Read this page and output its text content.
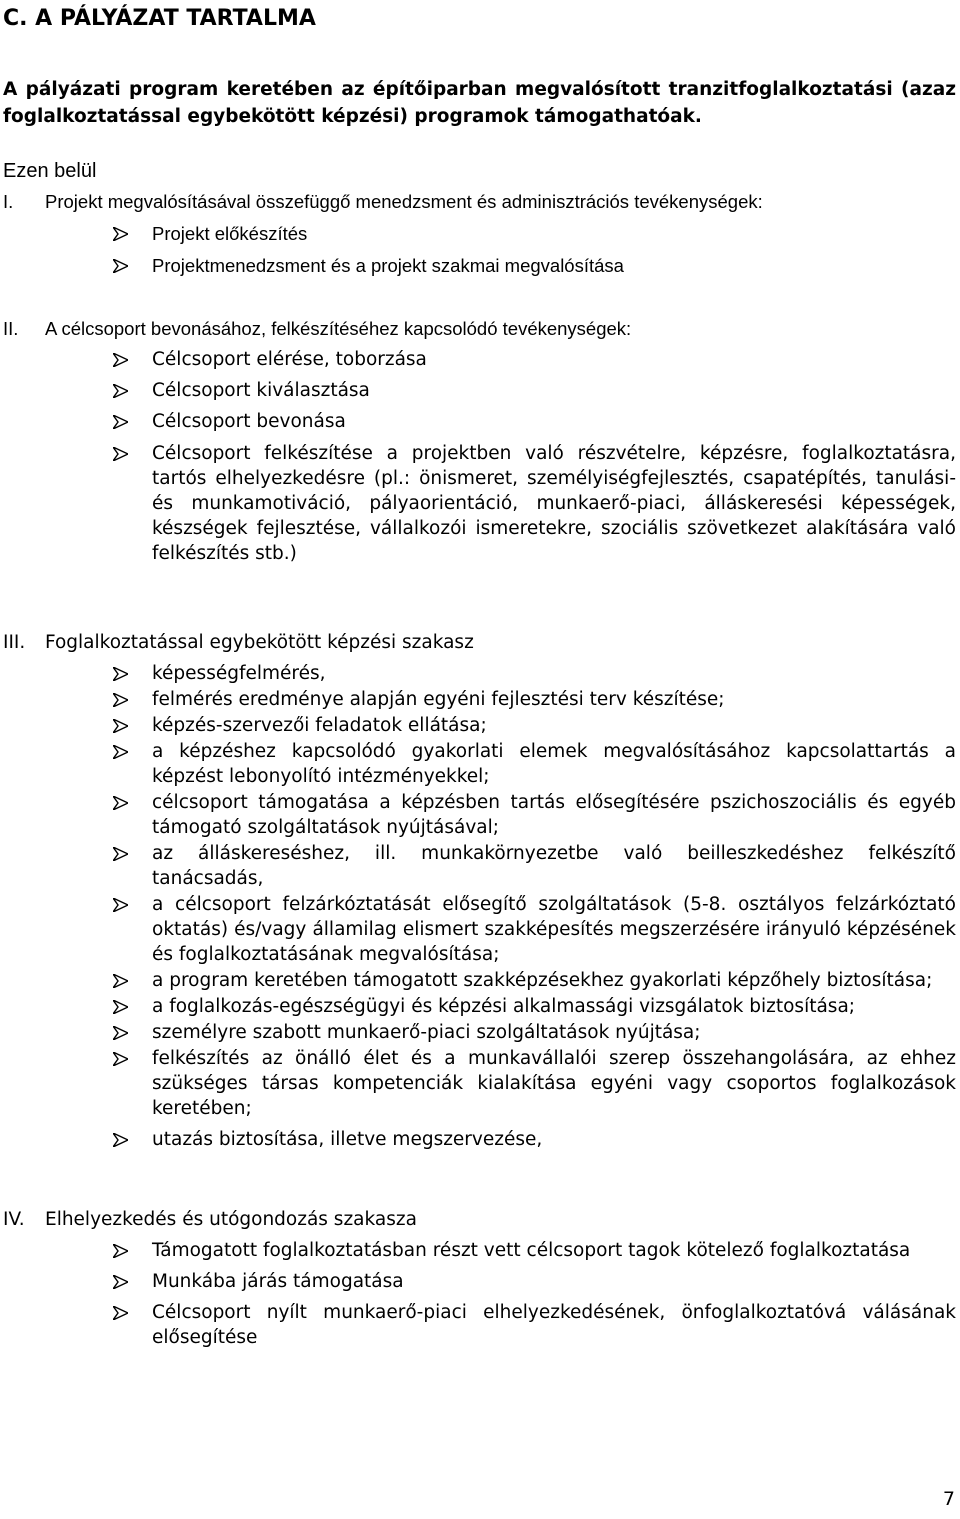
C. A PÁLYÁZAT TARTALMA

A pályázati program keretében az építőiparban megvalósított tranzitfoglalkoztatási (azaz foglalkoztatással egybekötött képzési) programok támogathatóak.

Ezen belül

I. Projekt megvalósításával összefüggő menedzsment és adminisztrációs tevékenységek:
Projekt előkészítés
Projektmenedzsment és a projekt szakmai megvalósítása
II. A célcsoport bevonásához, felkészítéséhez kapcsolódó tevékenységek:
Célcsoport elérése, toborzása
Célcsoport kiválasztása
Célcsoport bevonása
Célcsoport felkészítése a projektben való részvételre, képzésre, foglalkoztatásra, tartós elhelyezkedésre (pl.: önismeret, személyiségfejlesztés, csapatépítés, tanulási- és munkamotiváció, pályaorientáció, munkaerő-piaci, álláskeresési képességek, készségek fejlesztése, vállalkozói ismeretekre, szociális szövetkezet alakítására való felkészítés stb.)
III. Foglalkoztatással egybekötött képzési szakasz
képességfelmérés,
felmérés eredménye alapján egyéni fejlesztési terv készítése;
képzés-szervezői feladatok ellátása;
a képzéshez kapcsolódó gyakorlati elemek megvalósításához kapcsolattartás a képzést lebonyolító intézményekkel;
célcsoport támogatása a képzésben tartás elősegítésére pszichoszociális és egyéb támogató szolgáltatások nyújtásával;
az álláskereséshez, ill. munkakörnyezetbe való beilleszkedéshez felkészítő tanácsadás,
a célcsoport felzárkóztatását elősegítő szolgáltatások (5-8. osztályos felzárkóztató oktatás) és/vagy államilag elismert szakképesítés megszerzésére irányuló képzésének és foglalkoztatásának megvalósítása;
a program keretében támogatott szakképzésekhez gyakorlati képzőhely biztosítása;
a foglalkozás-egészségügyi és képzési alkalmassági vizsgálatok biztosítása;
személyre szabott munkaerő-piaci szolgáltatások nyújtása;
felkészítés az önálló élet és a munkavállalói szerep összehangolására, az ehhez szükséges társas kompetenciák kialakítása egyéni vagy csoportos foglalkozások keretében;
utazás biztosítása, illetve megszervezése,
IV. Elhelyezkedés és utógondozás szakasza
Támogatott foglalkoztatásban részt vett célcsoport tagok kötelező foglalkoztatása
Munkába járás támogatása
Célcsoport nyílt munkaerő-piaci elhelyezkedésének, önfoglalkoztatóvá válásának elősegítése
7
